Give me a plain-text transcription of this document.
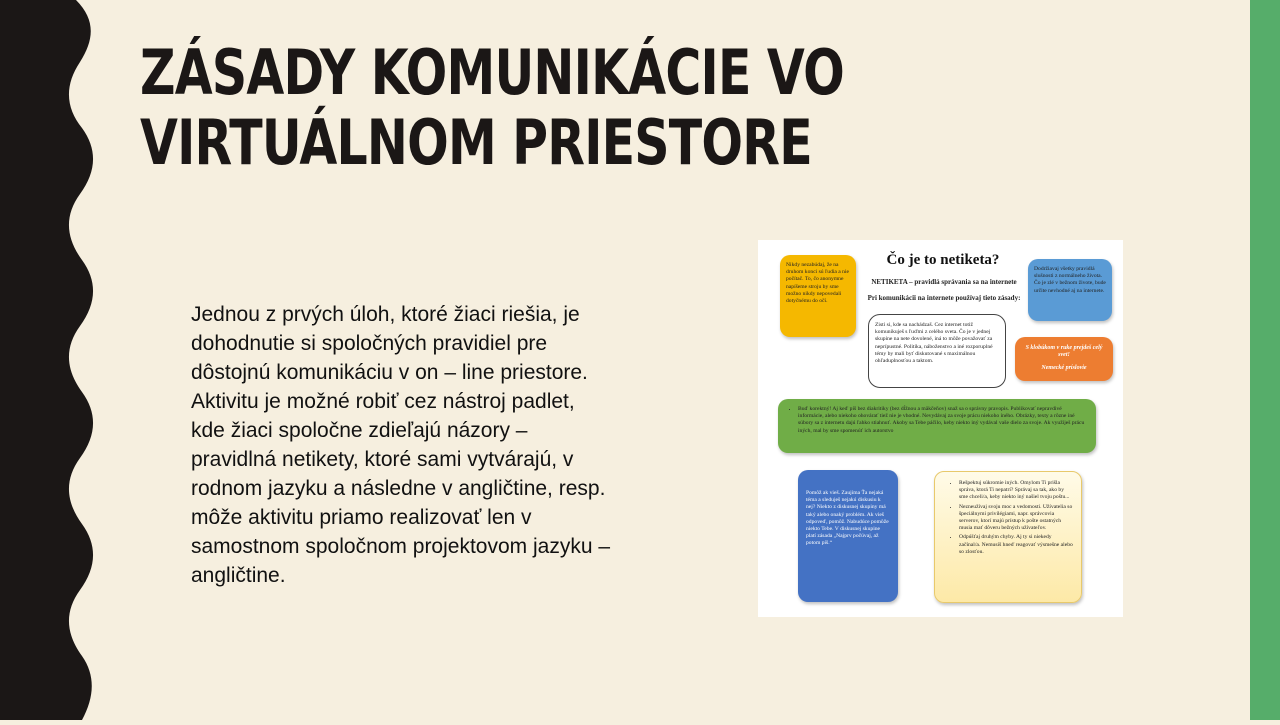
ZÁSADY KOMUNIKÁCIE VO
VIRTUÁLNOM PRIESTORE
Jednou z prvých úloh, ktoré žiaci riešia, je dohodnutie si spoločných pravidiel pre dôstojnú komunikáciu v on – line priestore. Aktivitu je možné robiť cez nástroj padlet, kde žiaci spoločne zdieľajú názory – pravidlná netikety, ktoré sami vytvárajú, v rodnom jazyku a následne v angličtine, resp. môže aktivitu priamo realizovať len v samostnom spoločnom projektovom jazyku – angličtine.
Nikdy nezabúdaj, že na druhom konci sú ľudia a nie počítač. To, čo anonymne napíšeme stroju by sme možno nikdy nepovedali dotyčnému do očí.
Čo je to netiketa?
NETIKETA – pravidlá správania sa na internete
Pri komunikácii na internete používaj tieto zásady:
Dodržiavaj všetky pravidlá slušnosti z normálneho života. Čo je zlé v bežnom živote, bude určite nevhodné aj na internete.
Zisti si, kde sa nachádzaš. Cez internet totiž komunikuješ s ľuďmi z celého sveta. Čo je v jednej skupine na nete dovolené, iná to môže považovať za neprípustné. Politika, náboženstvo a iné rozporuplné témy by mali byť diskutované s maximálnou ohľaduplnosťou a taktom.
S klobúkom v ruke prejdeš celý svet!
Nemecké príslovie
• Buď korektný! Aj keď píš bez diakritiky (bez dĺžnou a mäkčeňov) snaž sa o správny pravopis. Publikovať nepravdivé informácie, alebo niekoho ohovárať tiež nie je vhodné. Nevydávaj za svoje prácu niekoho iného. Obrázky, texty a rôzne iné súbory sa z internetu dajú ľahko stiahnuť. Akoby sa Tebe páčilo, keby niekto iný vydával vaše dielo za svoje. Ak využiješ prácu iných, mal by sme spomenúť ich autorstvo
Pomôž ak vieš. Zaujíma Ťa nejaká téma a sleduješ nejakú diskusiu k nej? Niekto z diskusnej skupiny má taký alebo onaký problém. Ak vieš odpoveď, pomôž. Nabudúce pomôže niekto Tebe. V diskusnej skupine platí zásada „Najprv počúvaj, až potom píš.“
• Rešpektuj súkromie iných. Omylom Ti prišla správa, ktorá Ti nepatrí? Správaj sa tak, ako by sme chceli/a, keby niekto iný našiel tvoju poštu...
• Nezneužívaj svoju moc a vedomosti. Užívatelia so špeciálnymi privilégiami, napr. správcovia serverov, ktorí majú prístup k pošte ostatných musia mať dôveru bežných užívateľov.
• Odpúšťaj druhým chyby. Aj ty si niekedy začínal/a. Nemusíš hneď reagovať výsmešne alebo so zlosťou.
